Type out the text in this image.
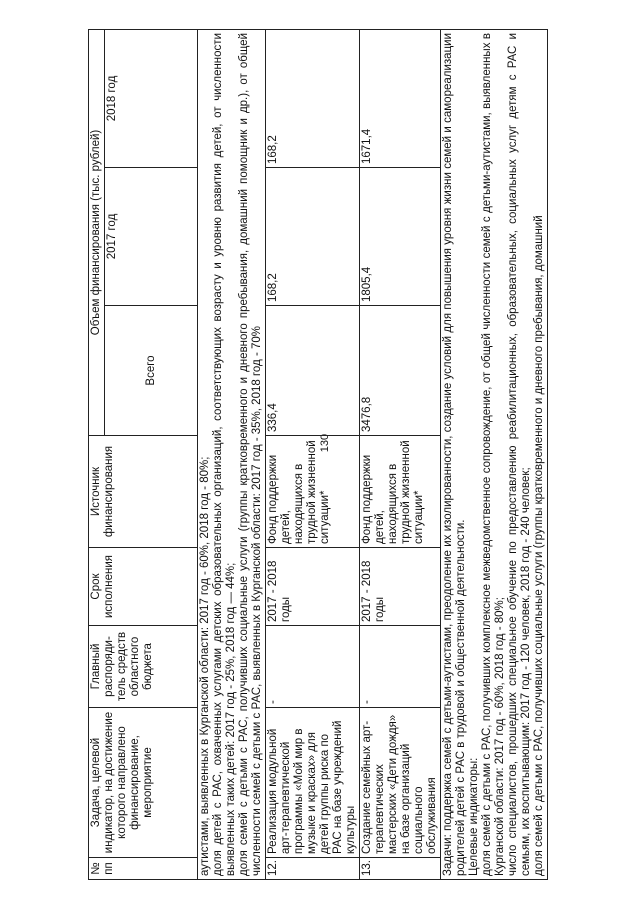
130
№ пп	Задача, целевой индикатор, на достижение которого направлено финансирование, мероприятие	Главный распоряди-тель средств областного бюджета	Срок исполнения	Источник финансирования	Объем финансирования (тыс. рублей)		
					Всего	2017 год	2018 год

аутистами, выявленных в Курганской области: 2017 год - 60%, 2018 год - 80%; доля детей с РАС, охваченных услугами детских образовательных организаций, соответствующих возрасту и уровню развития детей, от численности выявленных таких детей: 2017 год - 25%, 2018 год — 44%; доля семей с детьми с РАС, получивших социальные услуги (группы кратковременного и дневного пребывания, домашний помощник и др.), от общей численности семей с детьми с РАС, выявленных в Курганской области: 2017 год - 35%, 2018 год - 70%							

12.	Реализация модульной арт-терапевтической программы «Мой мир в музыке и красках» для детей группы риска по РАС на базе учреждений культуры	-	2017 - 2018 годы	Фонд поддержки детей, находящихся в трудной жизненной ситуации*	336,4	168,2	168,2
13.	Создание семейных арт-терапевтических мастерских «Дети дождя» на базе организаций социального обслуживания	-	2017 - 2018 годы	Фонд поддержки детей, находящихся в трудной жизненной ситуации*	3476,8	1805,4	1671,4

Задачи: поддержка семей с детьми-аутистами, преодоление их изолированности, создание условий для повышения уровня жизни семей и самореализации родителей детей с РАС в трудовой и общественной деятельности. Целевые индикаторы: доля семей с детьми с РАС, получивших комплексное межведомственное сопровождение, от общей численности семей с детьми-аутистами, выявленных в Курганской области: 2017 год - 60%, 2018 год - 80%; число специалистов, прошедших специальное обучение по предоставлению реабилитационных, образовательных, социальных услуг детям с РАС и семьям, их воспитывающим: 2017 год - 120 человек, 2018 год - 240 человек; доля семей с детьми с РАС, получивших социальные услуги (группы кратковременного и дневного пребывания, домашний							
